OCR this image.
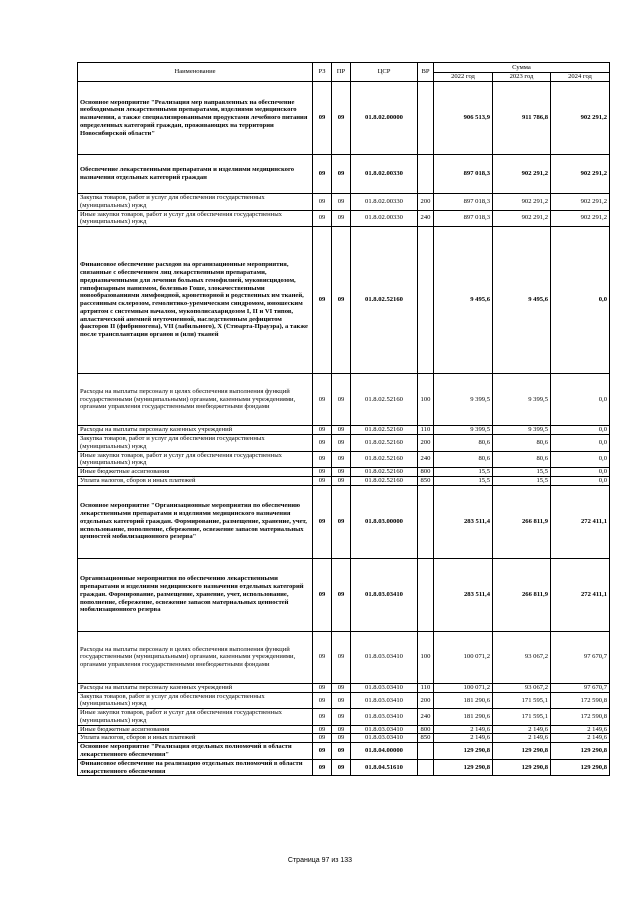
Наименование	РЗ	ПР	ЦСР	ВР	Сумма		
					2022 год	2023 год	2024 год
Основное мероприятие "Реализация мер направленных на обеспечение необходимыми лекарственными препаратами, изделиями медицинского назначения, а также специализированными продуктами лечебного питания определенных категорий граждан, проживающих на территории Новосибирской области"	09	09	01.8.02.00000		906 513,9	911 786,8	902 291,2
Обеспечение лекарственными препаратами и изделиями медицинского назначения отдельных категорий граждан	09	09	01.8.02.00330		897 018,3	902 291,2	902 291,2
Закупка товаров, работ и услуг для обеспечения государственных (муниципальных) нужд	09	09	01.8.02.00330	200	897 018,3	902 291,2	902 291,2
Иные закупки товаров, работ и услуг для обеспечения государственных (муниципальных) нужд	09	09	01.8.02.00330	240	897 018,3	902 291,2	902 291,2
Финансовое обеспечение расходов на организационные мероприятия, связанные с обеспечением лиц лекарственными препаратами, предназначенными для лечения больных гемофилией, муковисцидозом, гипофизарным нанизмом, болезнью Гоше, злокачественными новообразованиями лимфоидной, кроветворной и родственных им тканей, рассеянным склерозом, гемолитико-уремическим синдромом, юношеским артритом с системным началом, мукополисахаридозом I, II и VI типов, апластической анемией неуточненной, наследственным дефицитом факторов II (фибриногена), VII (лабильного), X (Стюарта-Прауэра), а также после трансплантации органов и (или) тканей	09	09	01.8.02.52160		9 495,6	9 495,6	0,0
Расходы на выплаты персоналу в целях обеспечения выполнения функций государственными (муниципальными) органами, казенными учреждениями, органами управления государственными внебюджетными фондами	09	09	01.8.02.52160	100	9 399,5	9 399,5	0,0
Расходы на выплаты персоналу казенных учреждений	09	09	01.8.02.52160	110	9 399,5	9 399,5	0,0
Закупка товаров, работ и услуг для обеспечения государственных (муниципальных) нужд	09	09	01.8.02.52160	200	80,6	80,6	0,0
Иные закупки товаров, работ и услуг для обеспечения государственных (муниципальных) нужд	09	09	01.8.02.52160	240	80,6	80,6	0,0
Иные бюджетные ассигнования	09	09	01.8.02.52160	800	15,5	15,5	0,0
Уплата налогов, сборов и иных платежей	09	09	01.8.02.52160	850	15,5	15,5	0,0
Основное мероприятие "Организационные мероприятия по обеспечению лекарственными препаратами и изделиями медицинского назначения отдельных категорий граждан. Формирование, размещение, хранение, учет, использование, пополнение, сбережение, освежение запасов материальных ценностей мобилизационного резерва"	09	09	01.8.03.00000		283 511,4	266 811,9	272 411,1
Организационные мероприятия по обеспечению лекарственными препаратами и изделиями медицинского назначения отдельных категорий граждан. Формирование, размещение, хранение, учет, использование, пополнение, сбережение, освежение запасов материальных ценностей мобилизационного резерва	09	09	01.8.03.03410		283 511,4	266 811,9	272 411,1
Расходы на выплаты персоналу в целях обеспечения выполнения функций государственными (муниципальными) органами, казенными учреждениями, органами управления государственными внебюджетными фондами	09	09	01.8.03.03410	100	100 071,2	93 067,2	97 670,7
Расходы на выплаты персоналу казенных учреждений	09	09	01.8.03.03410	110	100 071,2	93 067,2	97 670,7
Закупка товаров, работ и услуг для обеспечения государственных (муниципальных) нужд	09	09	01.8.03.03410	200	181 290,6	171 595,1	172 590,8
Иные закупки товаров, работ и услуг для обеспечения государственных (муниципальных) нужд	09	09	01.8.03.03410	240	181 290,6	171 595,1	172 590,8
Иные бюджетные ассигнования	09	09	01.8.03.03410	800	2 149,6	2 149,6	2 149,6
Уплата налогов, сборов и иных платежей	09	09	01.8.03.03410	850	2 149,6	2 149,6	2 149,6
Основное мероприятие "Реализация отдельных полномочий в области лекарственного обеспечения"	09	09	01.8.04.00000		129 290,8	129 290,8	129 290,8
Финансовое обеспечение на реализацию отдельных полномочий в области лекарственного обеспечения	09	09	01.8.04.51610		129 290,8	129 290,8	129 290,8
Страница 97 из 133
